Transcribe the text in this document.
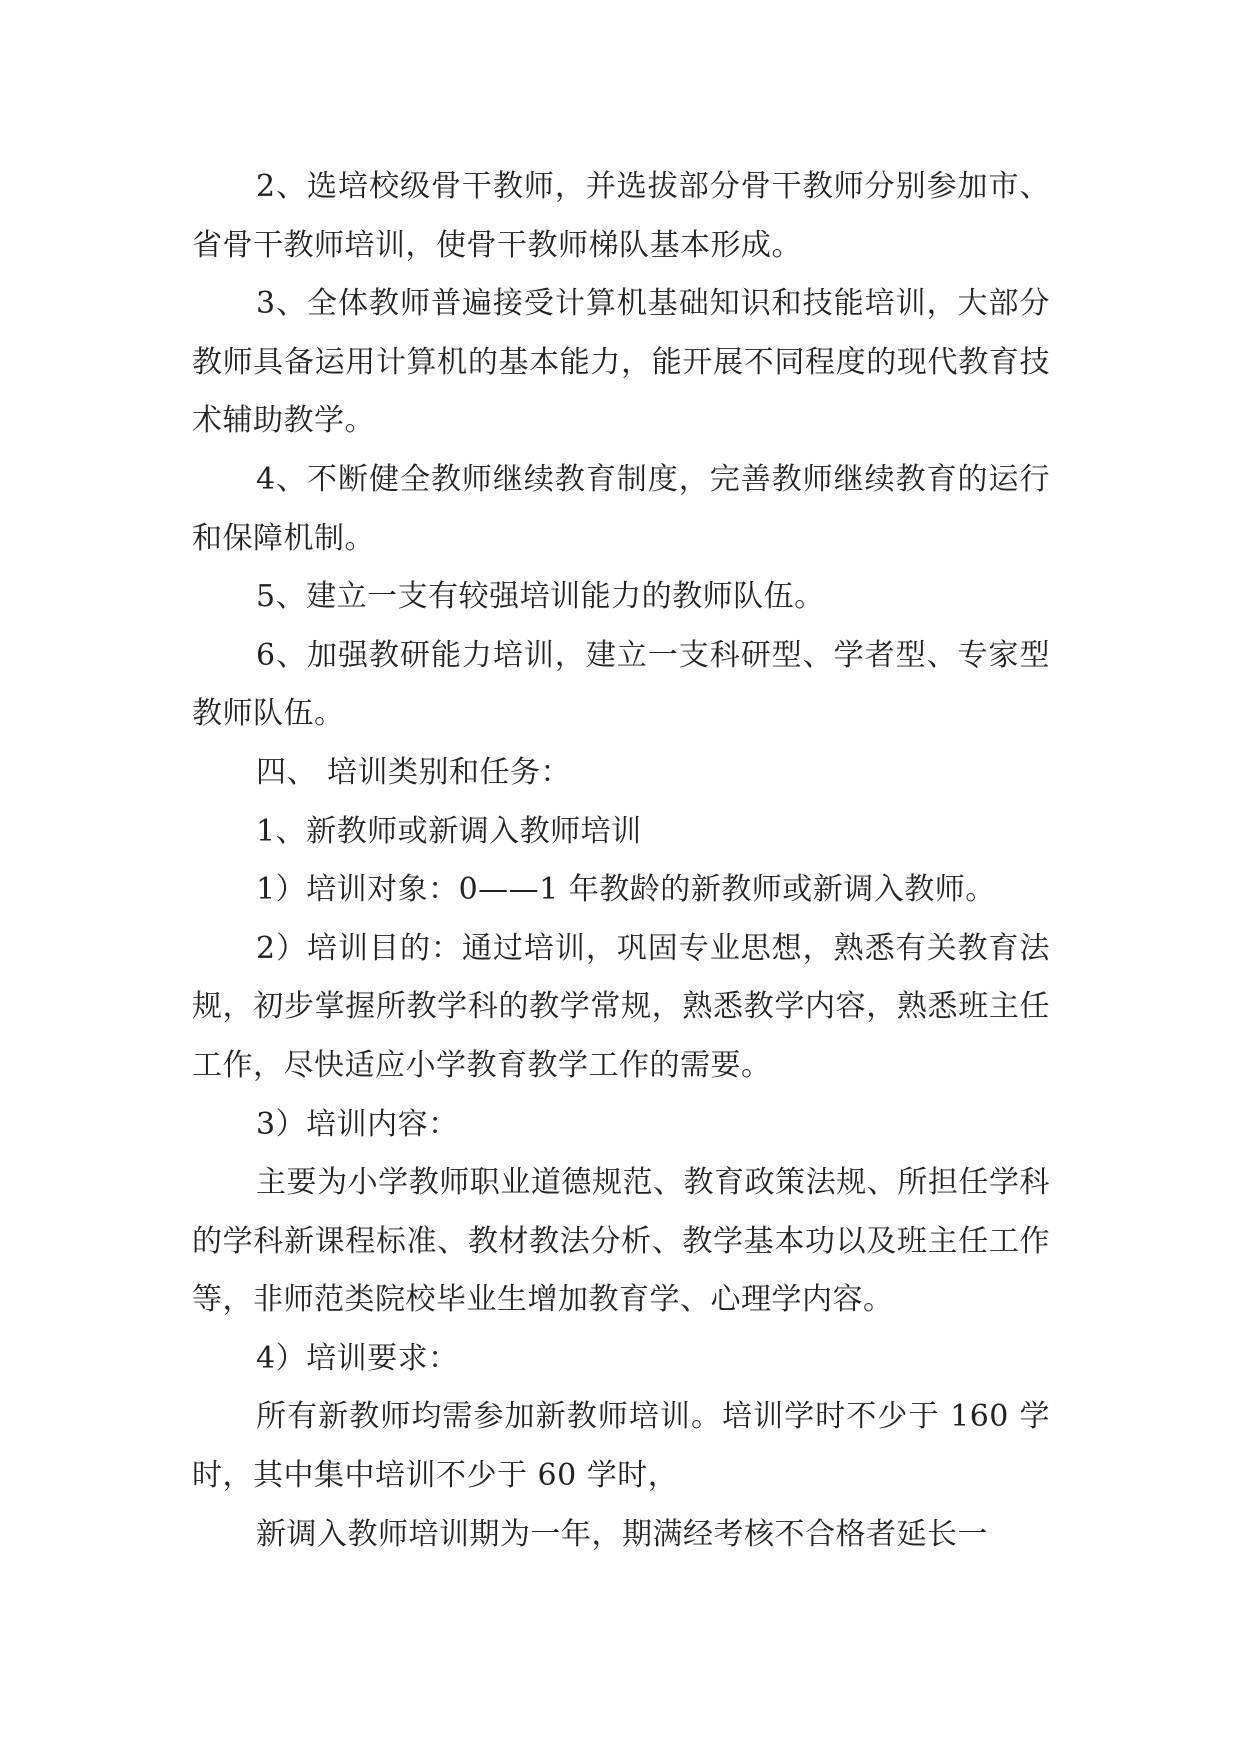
2、选培校级骨干教师，并选拔部分骨干教师分别参加市、省骨干教师培训，使骨干教师梯队基本形成。

3、全体教师普遍接受计算机基础知识和技能培训，大部分教师具备运用计算机的基本能力，能开展不同程度的现代教育技术辅助教学。

4、不断健全教师继续教育制度，完善教师继续教育的运行和保障机制。

5、建立一支有较强培训能力的教师队伍。

6、加强教研能力培训，建立一支科研型、学者型、专家型教师队伍。

四、 培训类别和任务：

1、新教师或新调入教师培训

1）培训对象：0——1 年教龄的新教师或新调入教师。

2）培训目的：通过培训，巩固专业思想，熟悉有关教育法规，初步掌握所教学科的教学常规，熟悉教学内容，熟悉班主任工作，尽快适应小学教育教学工作的需要。

3）培训内容：

主要为小学教师职业道德规范、教育政策法规、所担任学科的学科新课程标准、教材教法分析、教学基本功以及班主任工作等，非师范类院校毕业生增加教育学、心理学内容。

4）培训要求：

所有新教师均需参加新教师培训。培训学时不少于 160 学时，其中集中培训不少于 60 学时，

新调入教师培训期为一年，期满经考核不合格者延长一
